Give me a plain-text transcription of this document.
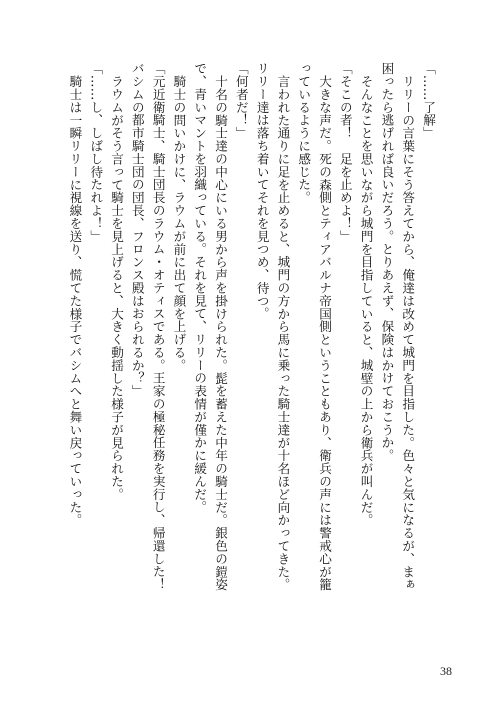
「……了解」

リリーの言葉にそう答えてから、俺達は改めて城門を目指した。色々と気になるが、まぁ困ったら逃げれば良いだろう。とりあえず、保険はかけておこうか。

そんなことを思いながら城門を目指していると、城壁の上から衛兵が叫んだ。

「そこの者！　足を止めよ！」

大きな声だ。死の森側とティアバルナ帝国側ということもあり、衛兵の声には警戒心が籠っているように感じた。

言われた通りに足を止めると、城門の方から馬に乗った騎士達が十名ほど向かってきた。リリー達は落ち着いてそれを見つめ、待つ。

「何者だ！」

十名の騎士達の中心にいる男から声を掛けられた。髭を蓄えた中年の騎士だ。銀色の鎧姿で、青いマントを羽織っている。それを見て、リリーの表情が僅かに緩んだ。

騎士の問いかけに、ラウムが前に出て顔を上げる。

「元近衛騎士、騎士団長のラウム・オティスである。王家の極秘任務を実行し、帰還した！　バシムの都市騎士団の団長、フロンス殿はおられるか？」

ラウムがそう言って騎士を見上げると、大きく動揺した様子が見られた。

「……し、しばし待たれよ！」

騎士は一瞬リリーに視線を送り、慌てた様子でバシムへと舞い戻っていった。

38
